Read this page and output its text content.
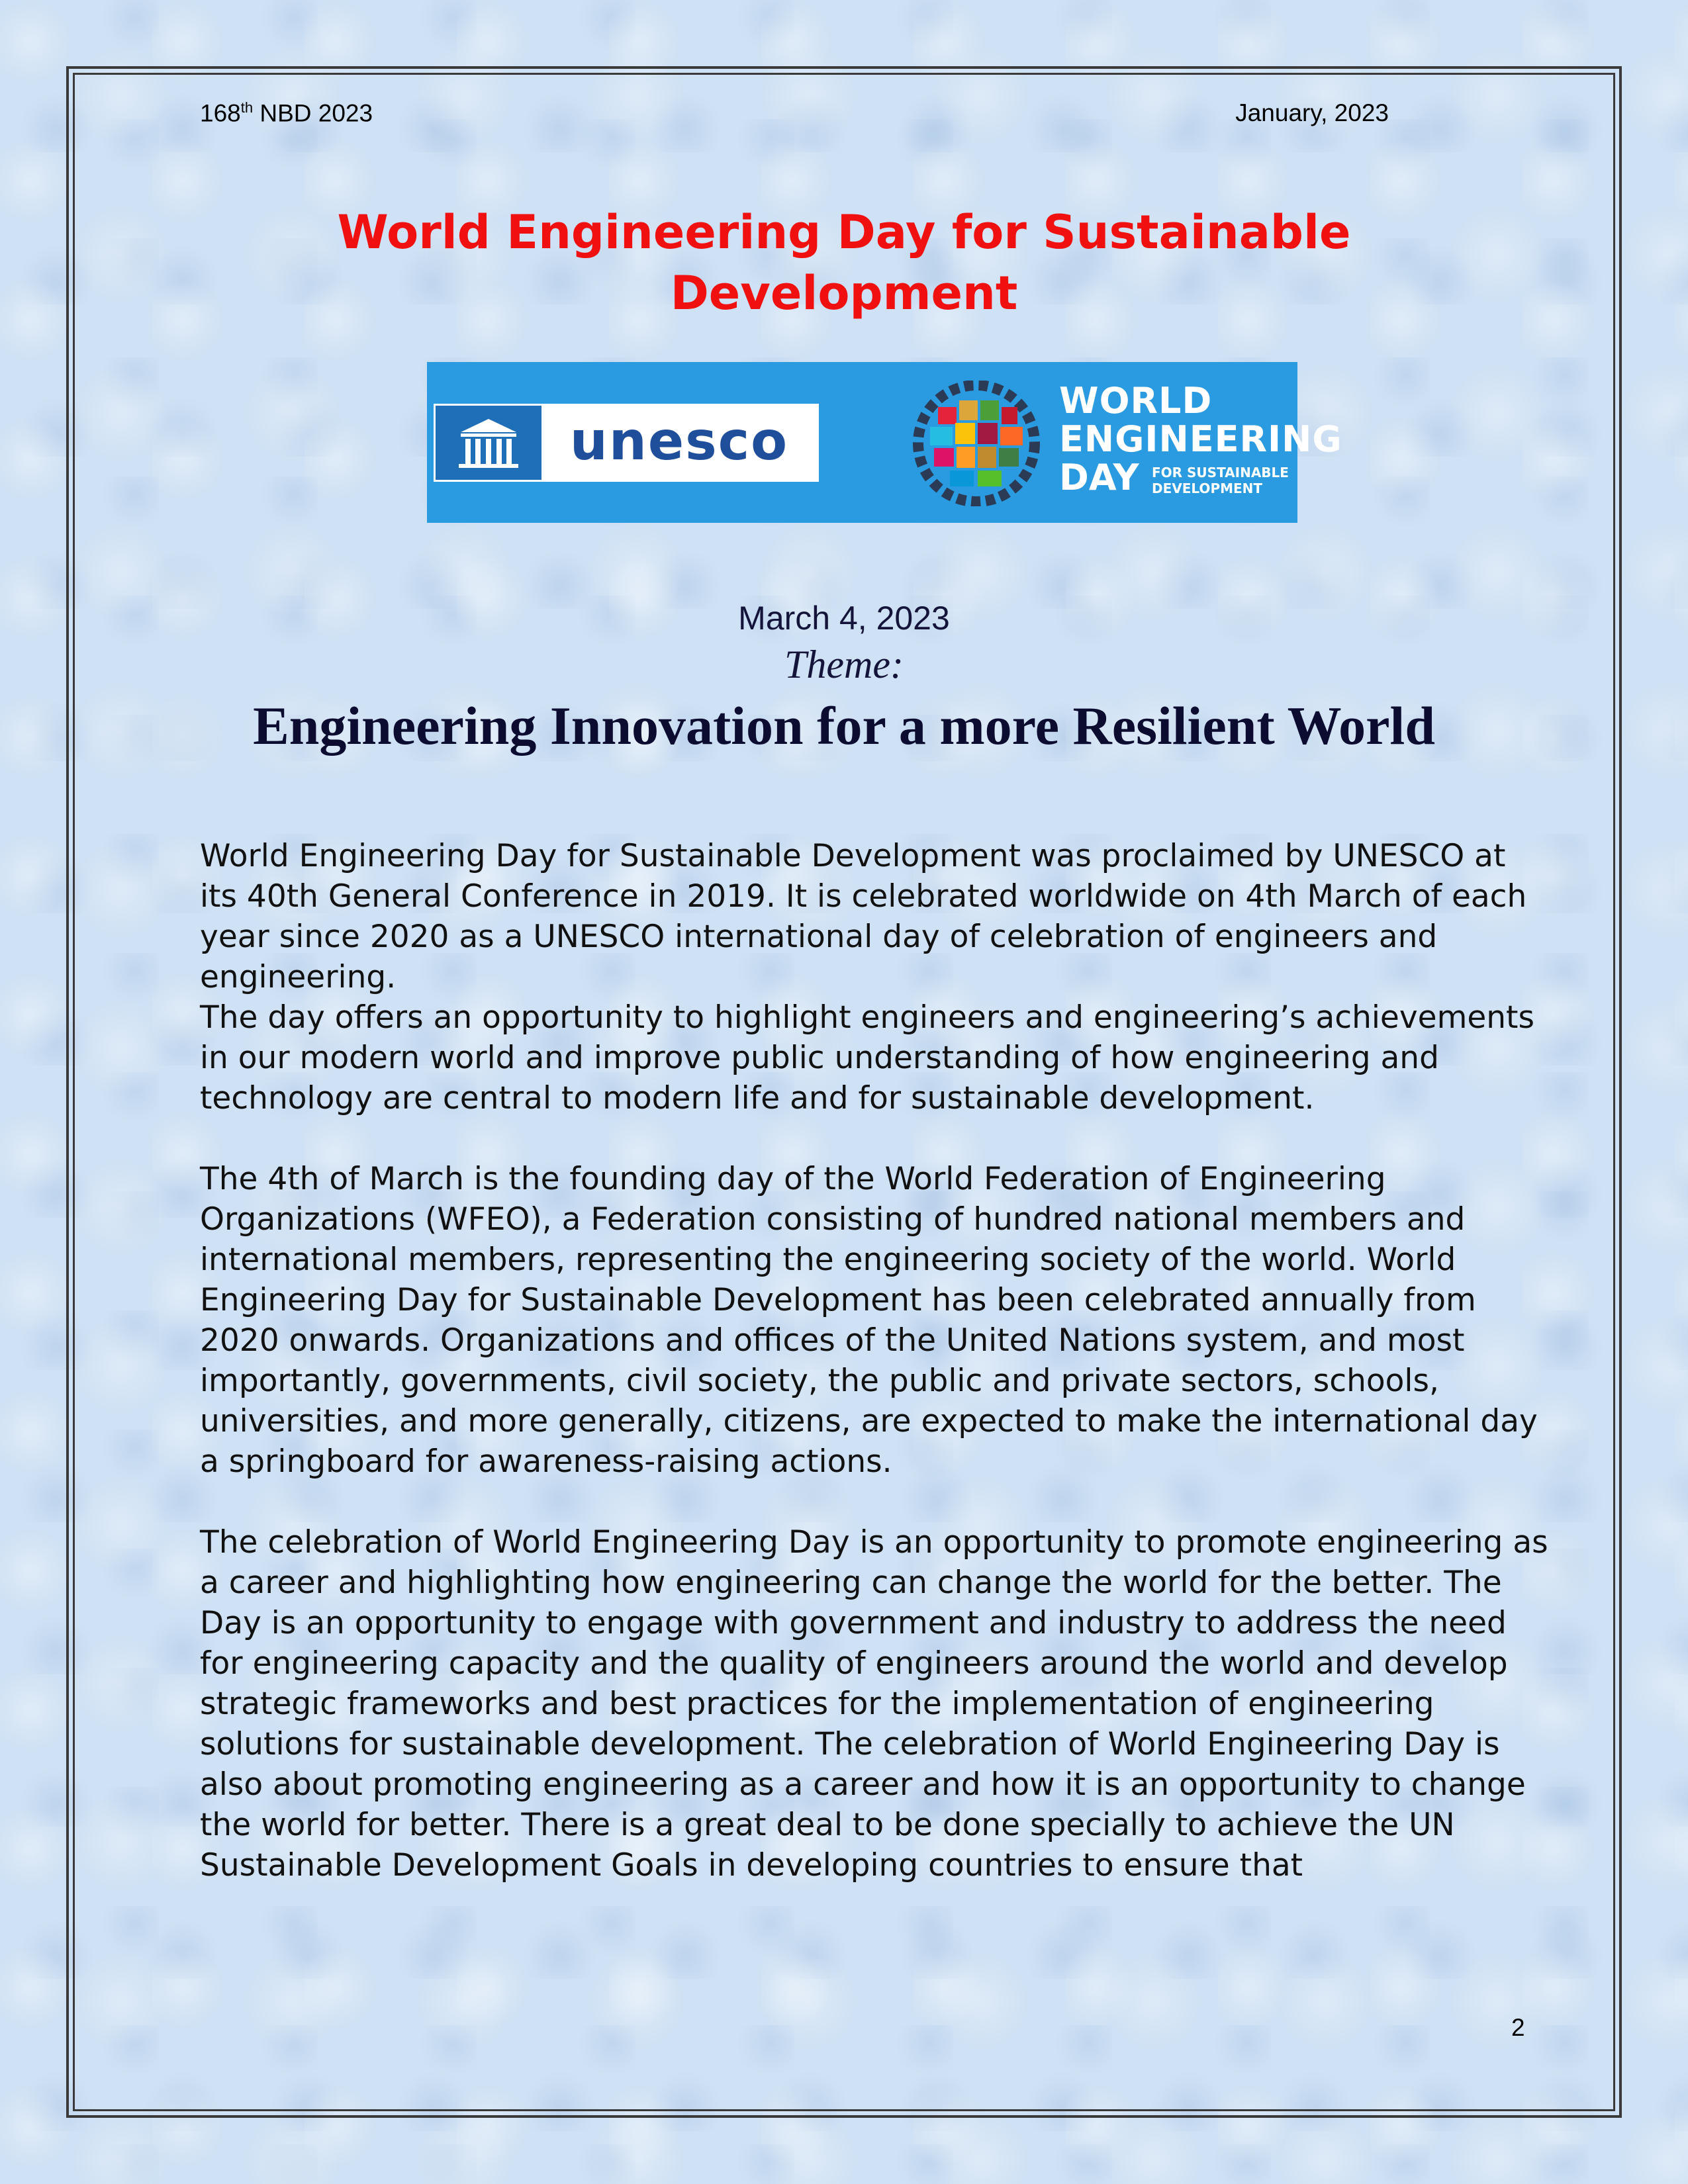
168th NBD 2023	January, 2023
World Engineering Day for Sustainable
Development
unesco
WORLD
ENGINEERING
DAY FOR SUSTAINABLE
DEVELOPMENT
March 4, 2023
Theme:
Engineering Innovation for a more Resilient World

World Engineering Day for Sustainable Development was proclaimed by UNESCO at its 40th General Conference in 2019. It is celebrated worldwide on 4th March of each year since 2020 as a UNESCO international day of celebration of engineers and engineering.

The day offers an opportunity to highlight engineers and engineering’s achievements in our modern world and improve public understanding of how engineering and technology are central to modern life and for sustainable development.

The 4th of March is the founding day of the World Federation of Engineering Organizations (WFEO), a Federation consisting of hundred national members and international members, representing the engineering society of the world. World Engineering Day for Sustainable Development has been celebrated annually from 2020 onwards. Organizations and offices of the United Nations system, and most importantly, governments, civil society, the public and private sectors, schools, universities, and more generally, citizens, are expected to make the international day a springboard for awareness-raising actions.

The celebration of World Engineering Day is an opportunity to promote engineering as a career and highlighting how engineering can change the world for the better. The Day is an opportunity to engage with government and industry to address the need for engineering capacity and the quality of engineers around the world and develop strategic frameworks and best practices for the implementation of engineering solutions for sustainable development. The celebration of World Engineering Day is also about promoting engineering as a career and how it is an opportunity to change the world for better. There is a great deal to be done specially to achieve the UN Sustainable Development Goals in developing countries to ensure that

2
